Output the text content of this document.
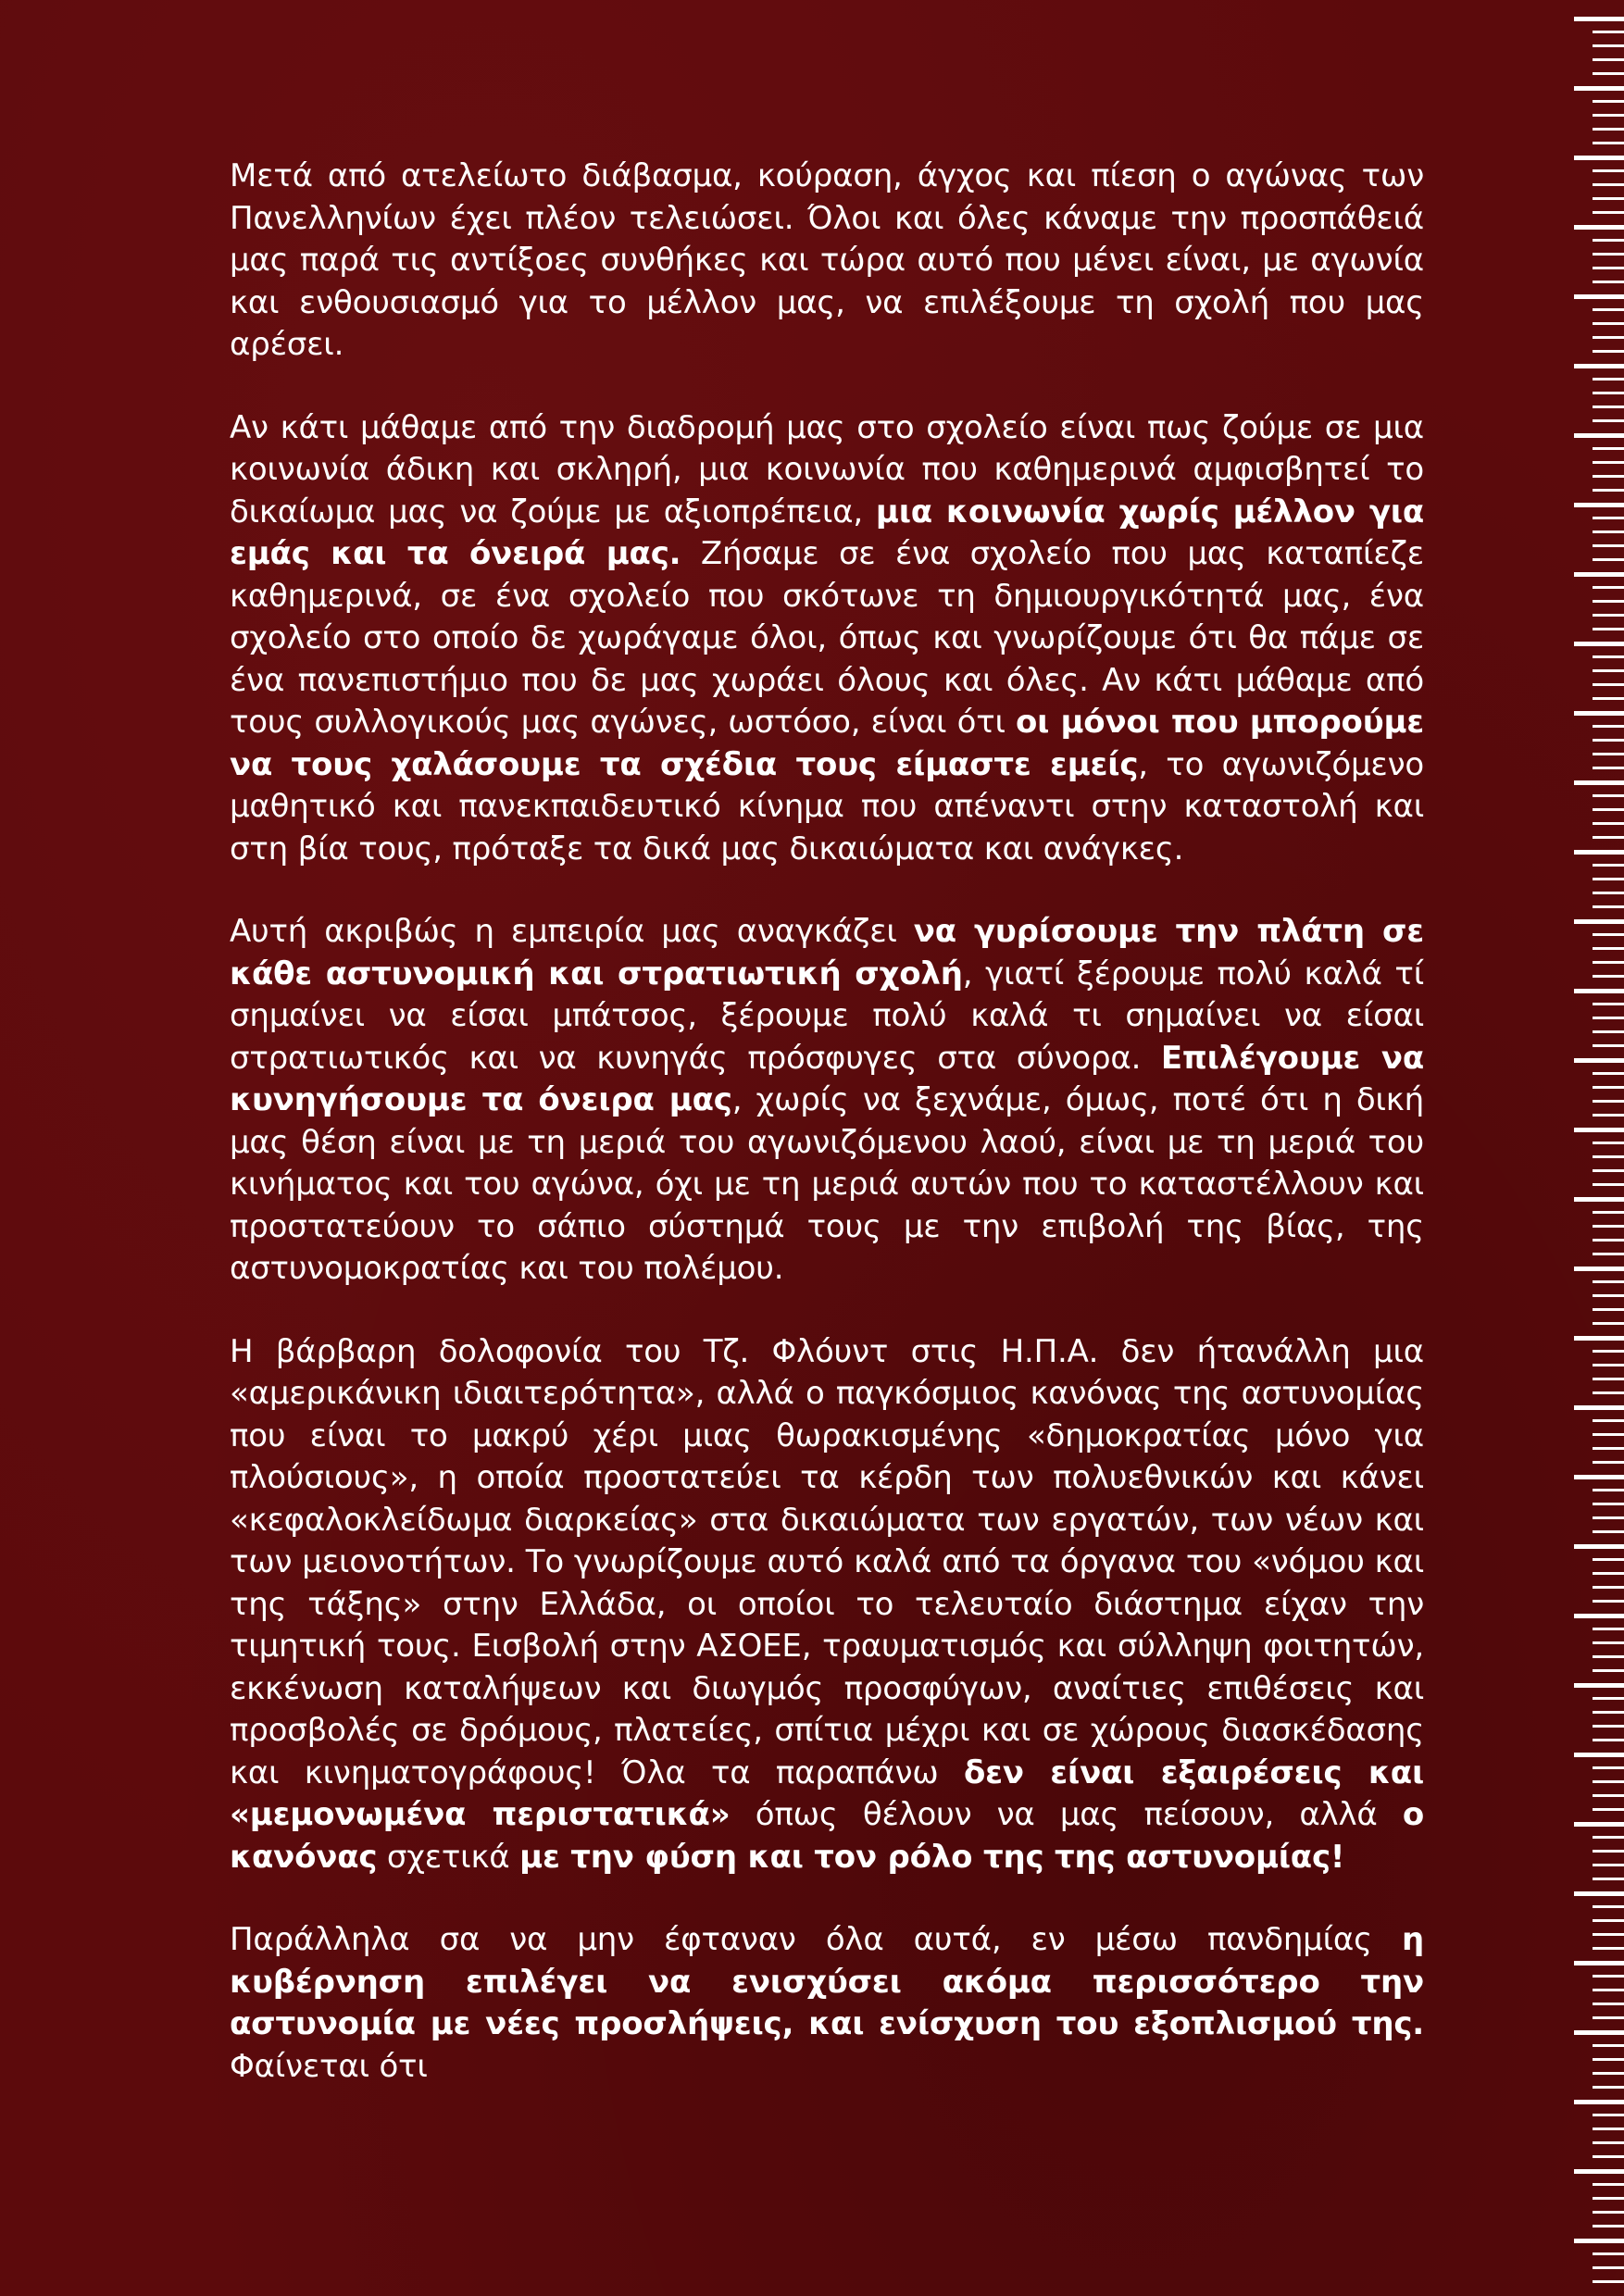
Μετά από ατελείωτο διάβασμα, κούραση, άγχος και πίεση ο αγώνας των Πανελληνίων έχει πλέον τελειώσει. Όλοι και όλες κάναμε την προσπάθειά μας παρά τις αντίξοες συνθήκες και τώρα αυτό που μένει είναι, με αγωνία και ενθουσιασμό για το μέλλον μας, να επιλέξουμε τη σχολή που μας αρέσει.

Αν κάτι μάθαμε από την διαδρομή μας στο σχολείο είναι πως ζούμε σε μια κοινωνία άδικη και σκληρή, μια κοινωνία που καθημερινά αμφισβητεί το δικαίωμα μας να ζούμε με αξιοπρέπεια, μια κοινωνία χωρίς μέλλον για εμάς και τα όνειρά μας. Ζήσαμε σε ένα σχολείο που μας καταπίεζε καθημερινά, σε ένα σχολείο που σκότωνε τη δημιουργικότητά μας, ένα σχολείο στο οποίο δε χωράγαμε όλοι, όπως και γνωρίζουμε ότι θα πάμε σε ένα πανεπιστήμιο που δε μας χωράει όλους και όλες. Αν κάτι μάθαμε από τους συλλογικούς μας αγώνες, ωστόσο, είναι ότι οι μόνοι που μπορούμε να τους χαλάσουμε τα σχέδια τους είμαστε εμείς, το αγωνιζόμενο μαθητικό και πανεκπαιδευτικό κίνημα που απέναντι στην καταστολή και στη βία τους, πρόταξε τα δικά μας δικαιώματα και ανάγκες.

Αυτή ακριβώς η εμπειρία μας αναγκάζει να γυρίσουμε την πλάτη σε κάθε αστυνομική και στρατιωτική σχολή, γιατί ξέρουμε πολύ καλά τί σημαίνει να είσαι μπάτσος, ξέρουμε πολύ καλά τι σημαίνει να είσαι στρατιωτικός και να κυνηγάς πρόσφυγες στα σύνορα. Επιλέγουμε να κυνηγήσουμε τα όνειρα μας, χωρίς να ξεχνάμε, όμως, ποτέ ότι η δική μας θέση είναι με τη μεριά του αγωνιζόμενου λαού, είναι με τη μεριά του κινήματος και του αγώνα, όχι με τη μεριά αυτών που το καταστέλλουν και προστατεύουν το σάπιο σύστημά τους με την επιβολή της βίας, της αστυνομοκρατίας και του πολέμου.

Η βάρβαρη δολοφονία του Τζ. Φλόυντ στις Η.Π.Α. δεν ήτανάλλη μια «αμερικάνικη ιδιαιτερότητα», αλλά ο παγκόσμιος κανόνας της αστυνομίας που είναι το μακρύ χέρι μιας θωρακισμένης «δημοκρατίας μόνο για πλούσιους», η οποία προστατεύει τα κέρδη των πολυεθνικών και κάνει «κεφαλοκλείδωμα διαρκείας» στα δικαιώματα των εργατών, των νέων και των μειονοτήτων. Το γνωρίζουμε αυτό καλά από τα όργανα του «νόμου και της τάξης» στην Ελλάδα, οι οποίοι το τελευταίο διάστημα είχαν την τιμητική τους. Εισβολή στην ΑΣΟΕΕ, τραυματισμός και σύλληψη φοιτητών, εκκένωση καταλήψεων και διωγμός προσφύγων, αναίτιες επιθέσεις και προσβολές σε δρόμους, πλατείες, σπίτια μέχρι και σε χώρους διασκέδασης και κινηματογράφους! Όλα τα παραπάνω δεν είναι εξαιρέσεις και «μεμονωμένα περιστατικά» όπως θέλουν να μας πείσουν, αλλά ο κανόνας σχετικά με την φύση και τον ρόλο της της αστυνομίας!

Παράλληλα σα να μην έφταναν όλα αυτά, εν μέσω πανδημίας η κυβέρνηση επιλέγει να ενισχύσει ακόμα περισσότερο την αστυνομία με νέες προσλήψεις, και ενίσχυση του εξοπλισμού της. Φαίνεται ότι
